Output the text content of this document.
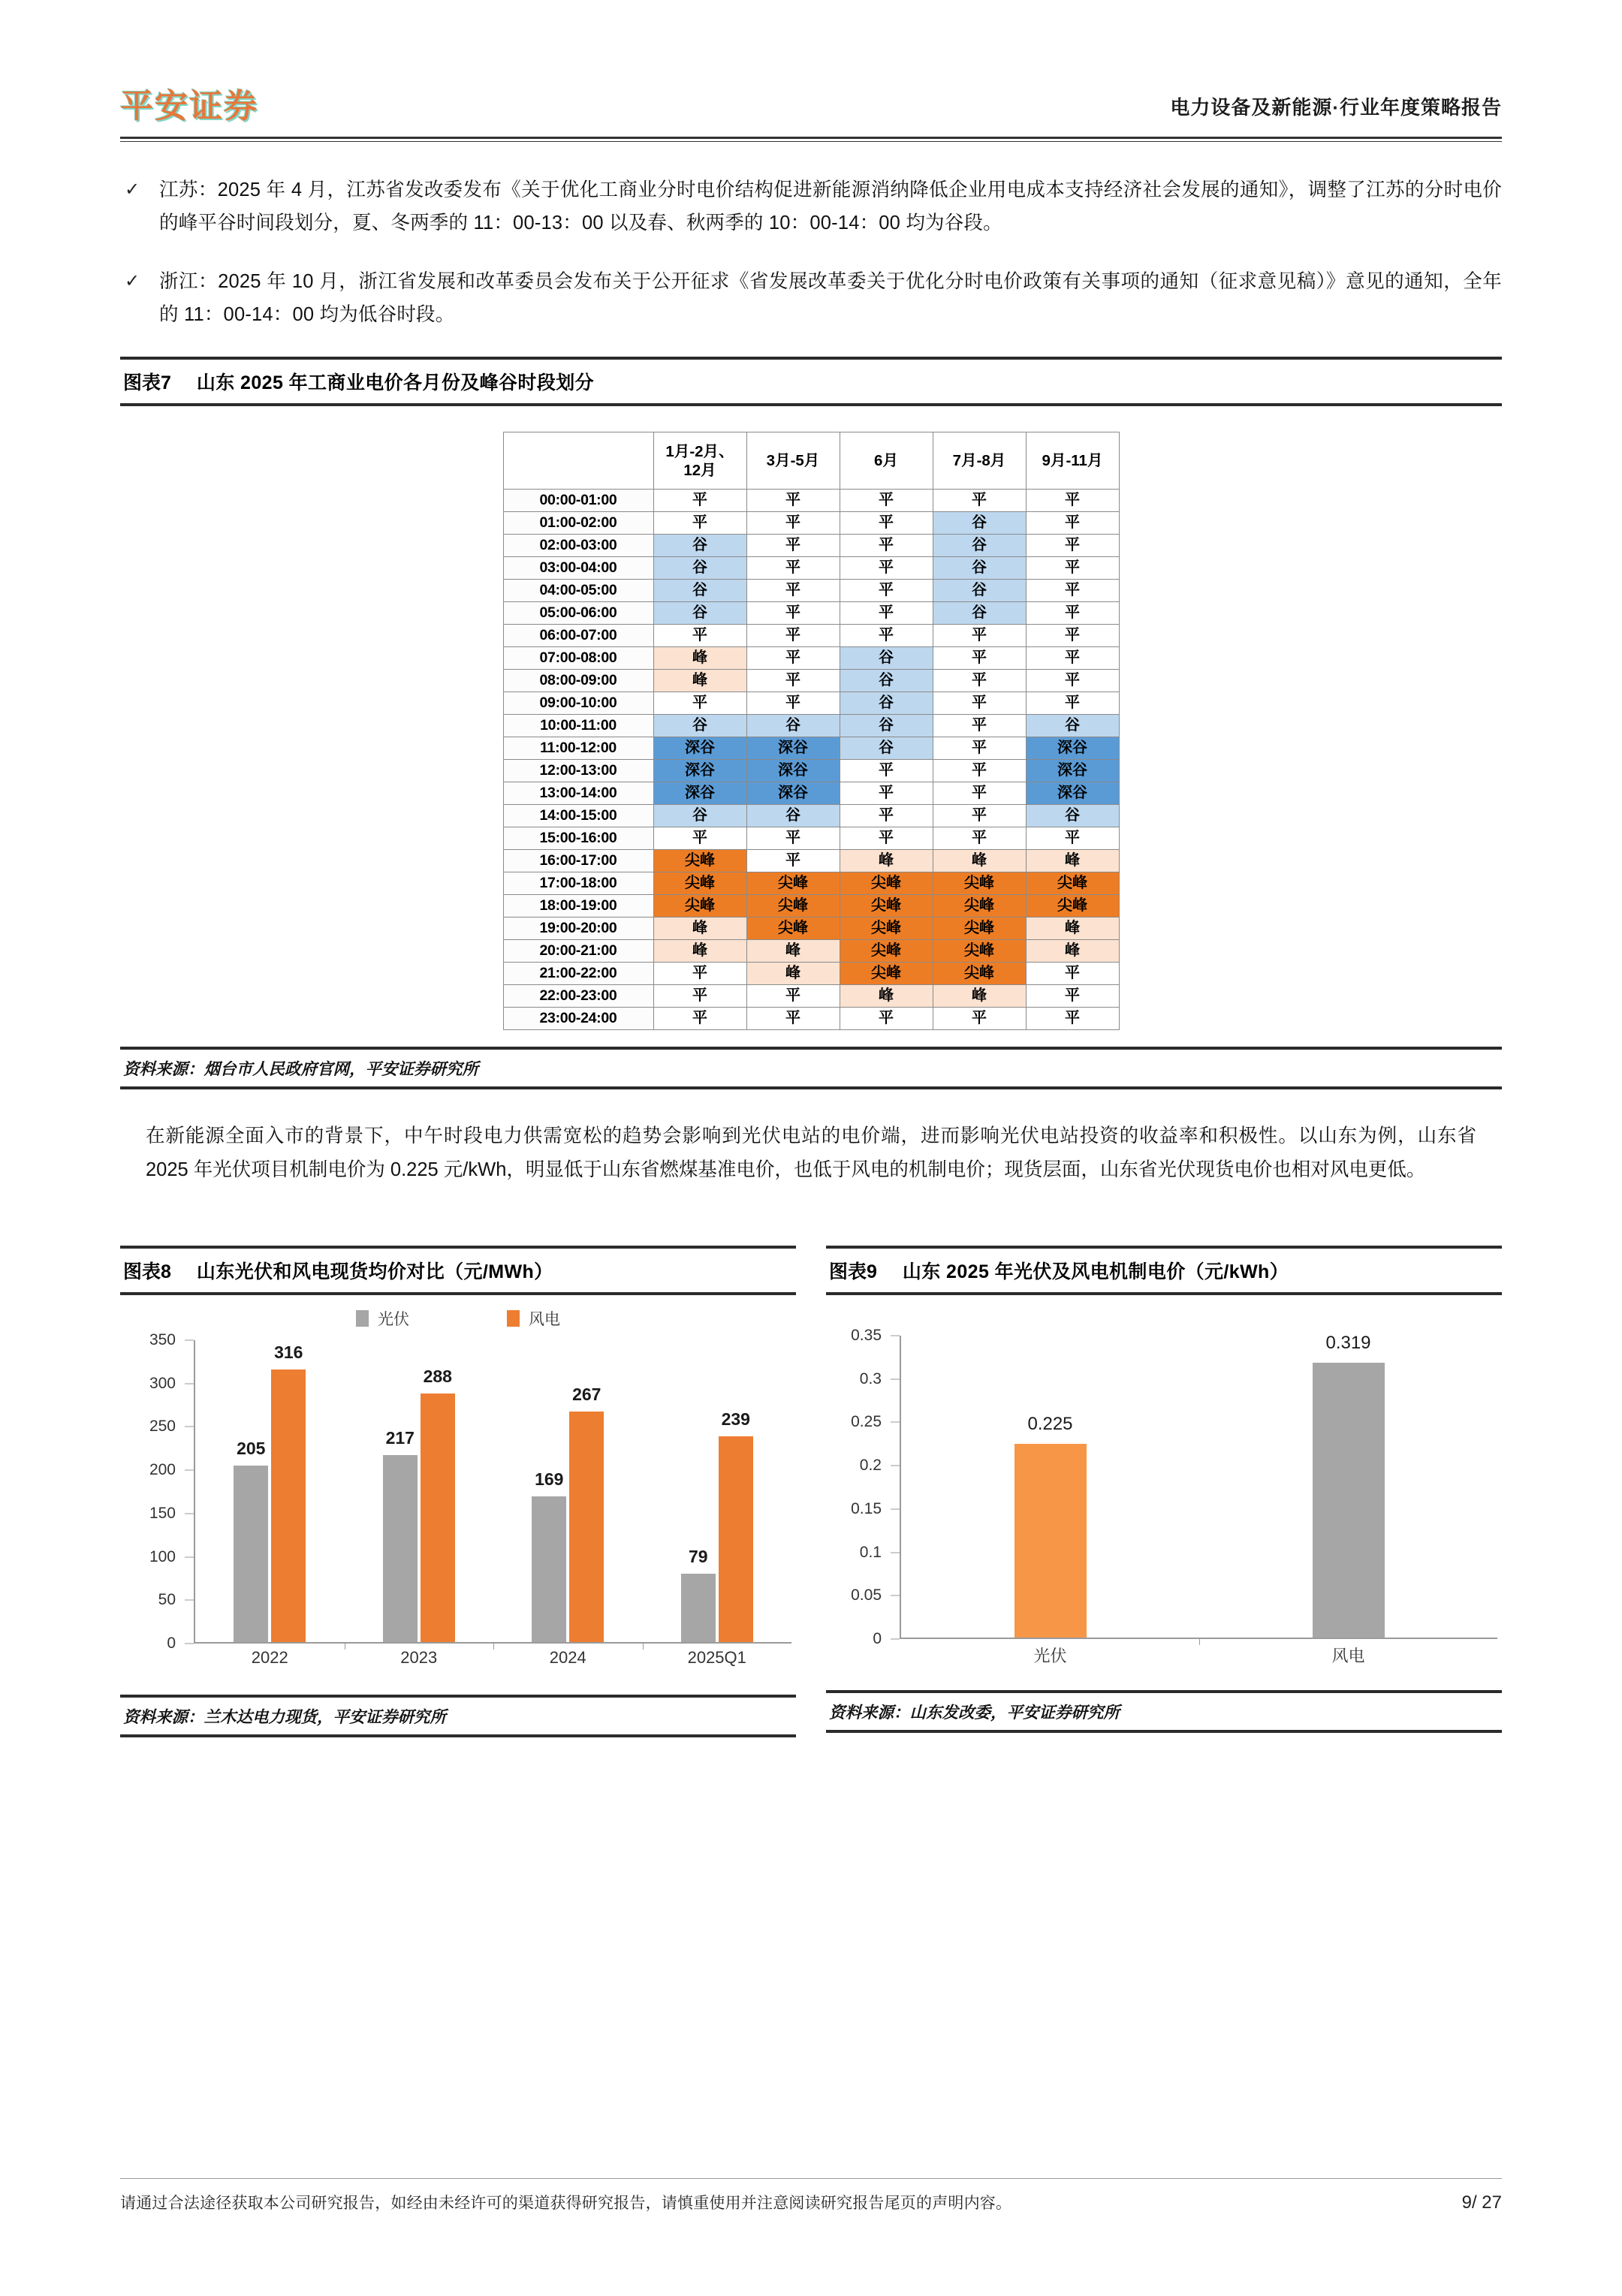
平安证券	电力设备及新能源·行业年度策略报告
✓	江苏：2025 年 4 月，江苏省发改委发布《关于优化工商业分时电价结构促进新能源消纳降低企业用电成本支持经济社会发展的通知》，调整了江苏的分时电价的峰平谷时间段划分，夏、冬两季的 11：00-13：00 以及春、秋两季的 10：00-14：00 均为谷段。
✓	浙江：2025 年 10 月，浙江省发展和改革委员会发布关于公开征求《省发展改革委关于优化分时电价政策有关事项的通知（征求意见稿）》意见的通知，全年的 11：00-14：00 均为低谷时段。
图表7 山东 2025 年工商业电价各月份及峰谷时段划分
	1月-2月、12月	3月-5月	6月	7月-8月	9月-11月
00:00-01:00	平	平	平	平	平
01:00-02:00	平	平	平	谷	平
02:00-03:00	谷	平	平	谷	平
03:00-04:00	谷	平	平	谷	平
04:00-05:00	谷	平	平	谷	平
05:00-06:00	谷	平	平	谷	平
06:00-07:00	平	平	平	平	平
07:00-08:00	峰	平	谷	平	平
08:00-09:00	峰	平	谷	平	平
09:00-10:00	平	平	谷	平	平
10:00-11:00	谷	谷	谷	平	谷
11:00-12:00	深谷	深谷	谷	平	深谷
12:00-13:00	深谷	深谷	平	平	深谷
13:00-14:00	深谷	深谷	平	平	深谷
14:00-15:00	谷	谷	平	平	谷
15:00-16:00	平	平	平	平	平
16:00-17:00	尖峰	平	峰	峰	峰
17:00-18:00	尖峰	尖峰	尖峰	尖峰	尖峰
18:00-19:00	尖峰	尖峰	尖峰	尖峰	尖峰
19:00-20:00	峰	尖峰	尖峰	尖峰	峰
20:00-21:00	峰	峰	尖峰	尖峰	峰
21:00-22:00	平	峰	尖峰	尖峰	平
22:00-23:00	平	平	峰	峰	平
23:00-24:00	平	平	平	平	平
资料来源：烟台市人民政府官网，平安证券研究所
在新能源全面入市的背景下，中午时段电力供需宽松的趋势会影响到光伏电站的电价端，进而影响光伏电站投资的收益率和积极性。以山东为例，山东省 2025 年光伏项目机制电价为 0.225 元/kWh，明显低于山东省燃煤基准电价，也低于风电的机制电价；现货层面，山东省光伏现货电价也相对风电更低。
图表8 山东光伏和风电现货均价对比（元/MWh）
光伏	风电
0
50
100
150
200
250
300
350
205
316
217
288
169
267
79
239
2022	2023	2024	2025Q1
资料来源：兰木达电力现货，平安证券研究所
图表9 山东 2025 年光伏及风电机制电价（元/kWh）
0
0.05
0.1
0.15
0.2
0.25
0.3
0.35
0.225
0.319
光伏	风电
资料来源：山东发改委，平安证券研究所
请通过合法途径获取本公司研究报告，如经由未经许可的渠道获得研究报告，请慎重使用并注意阅读研究报告尾页的声明内容。	9/ 27
